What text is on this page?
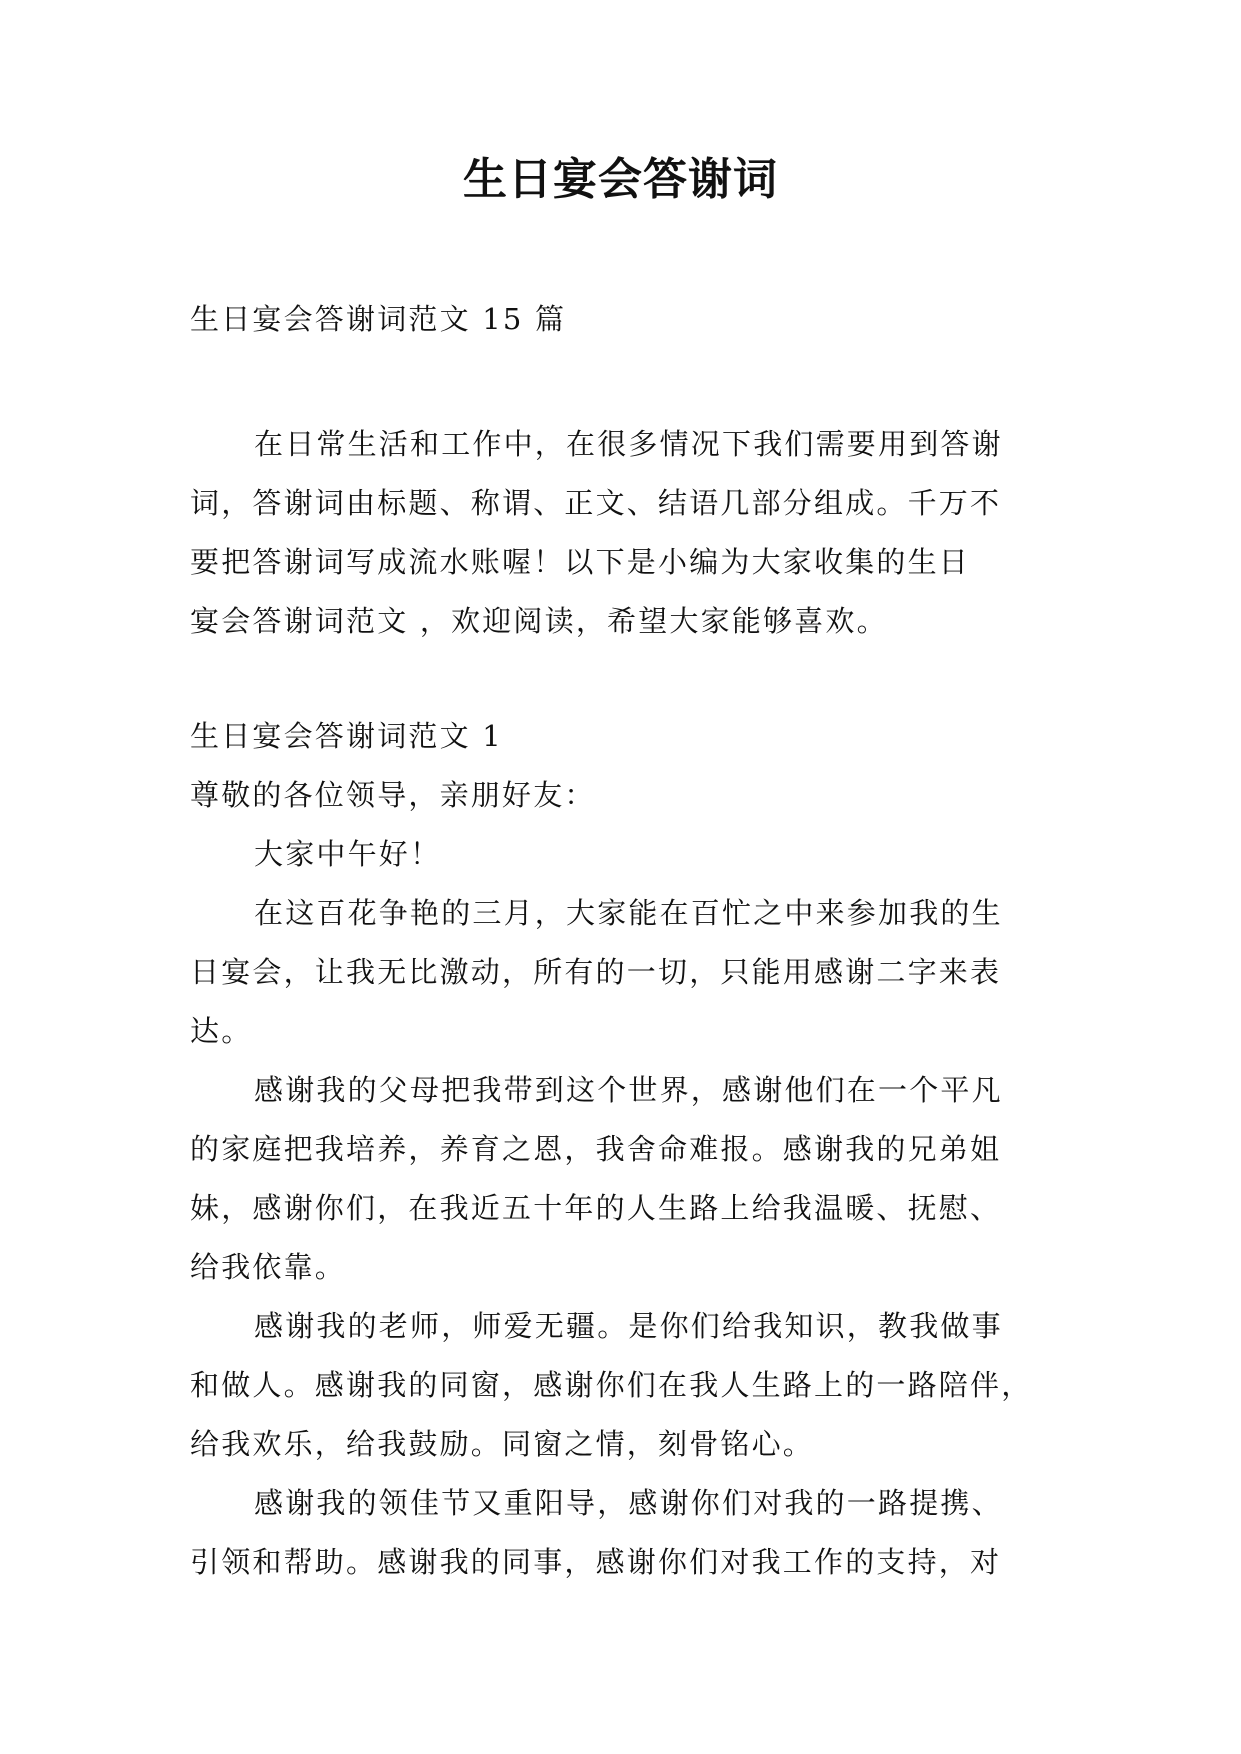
生日宴会答谢词
生日宴会答谢词范文 15 篇
在日常生活和工作中，在很多情况下我们需要用到答谢
词，答谢词由标题、称谓、正文、结语几部分组成。千万不
要把答谢词写成流水账喔！以下是小编为大家收集的生日
宴会答谢词范文 ，欢迎阅读，希望大家能够喜欢。
生日宴会答谢词范文 1
尊敬的各位领导，亲朋好友：
大家中午好！
在这百花争艳的三月，大家能在百忙之中来参加我的生
日宴会，让我无比激动，所有的一切，只能用感谢二字来表
达。
感谢我的父母把我带到这个世界，感谢他们在一个平凡
的家庭把我培养，养育之恩，我舍命难报。感谢我的兄弟姐
妹，感谢你们，在我近五十年的人生路上给我温暖、抚慰、
给我依靠。
感谢我的老师，师爱无疆。是你们给我知识，教我做事
和做人。感谢我的同窗，感谢你们在我人生路上的一路陪伴，
给我欢乐，给我鼓励。同窗之情，刻骨铭心。
感谢我的领佳节又重阳导，感谢你们对我的一路提携、
引领和帮助。感谢我的同事，感谢你们对我工作的支持，对
